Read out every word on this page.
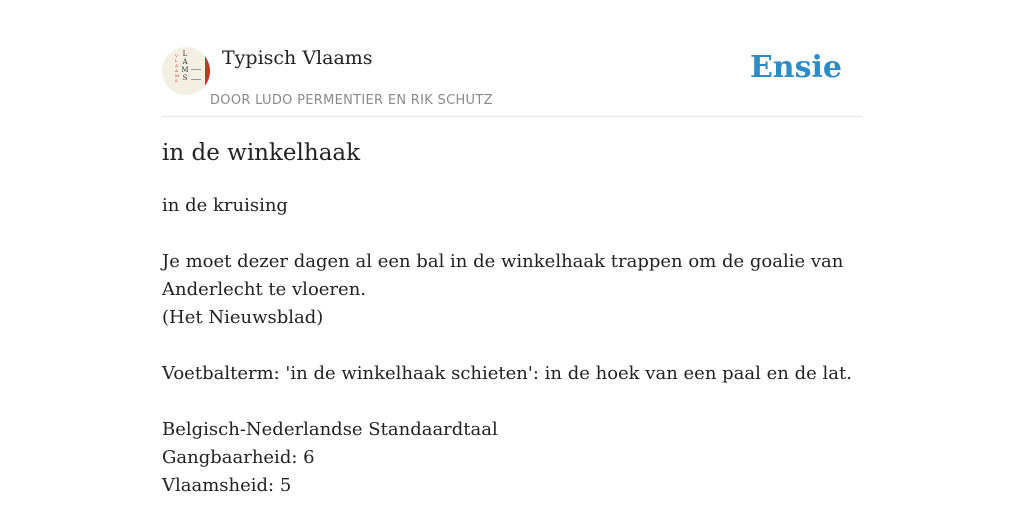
V L A A M S
L
A
M
S
Typisch Vlaams
DOOR LUDO PERMENTIER EN RIK SCHUTZ
Ensie
in de winkelhaak

in de kruising

Je moet dezer dagen al een bal in de winkelhaak trappen om de goalie van
Anderlecht te vloeren.
(Het Nieuwsblad)

Voetbalterm: 'in de winkelhaak schieten': in de hoek van een paal en de lat.

Belgisch-Nederlandse Standaardtaal
Gangbaarheid: 6
Vlaamsheid: 5
